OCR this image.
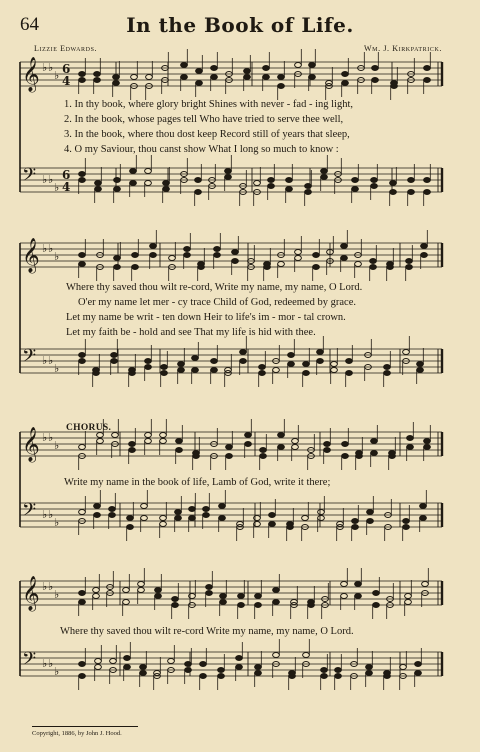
64	In the Book of Life.
Lizzie Edwards.	Wm. J. Kirkpatrick.
𝄞 ♭ ♭
♭ 6
4
𝄢 ♭ ♭
♭
6
4
𝄞 ♭ ♭
♭
𝄢 ♭ ♭
♭
𝄞 ♭ ♭
♭
𝄢 ♭ ♭
♭
𝄞 ♭ ♭
♭
𝄢 ♭ ♭
♭
1. In thy book, where glory bright Shines with never - fad - ing light,
2. In the book, whose pages tell Who have tried to serve thee well,
3. In the book, where thou dost keep Record still of years that sleep,
4. O my Saviour, thou canst show What I long so much to know :
Where thy saved thou wilt re-cord, Write my name, my name, O Lord.
O'er my name let mer - cy trace Child of God, redeemed by grace.
Let my name be writ - ten down Heir to life's im - mor - tal crown.
Let my faith be - hold and see That my life is hid with thee.
CHORUS.
Write my name in the book of life, Lamb of God, write it there;
Where thy saved thou wilt re-cord Write my name, my name, O Lord.
Copyright, 1886, by John J. Hood.
